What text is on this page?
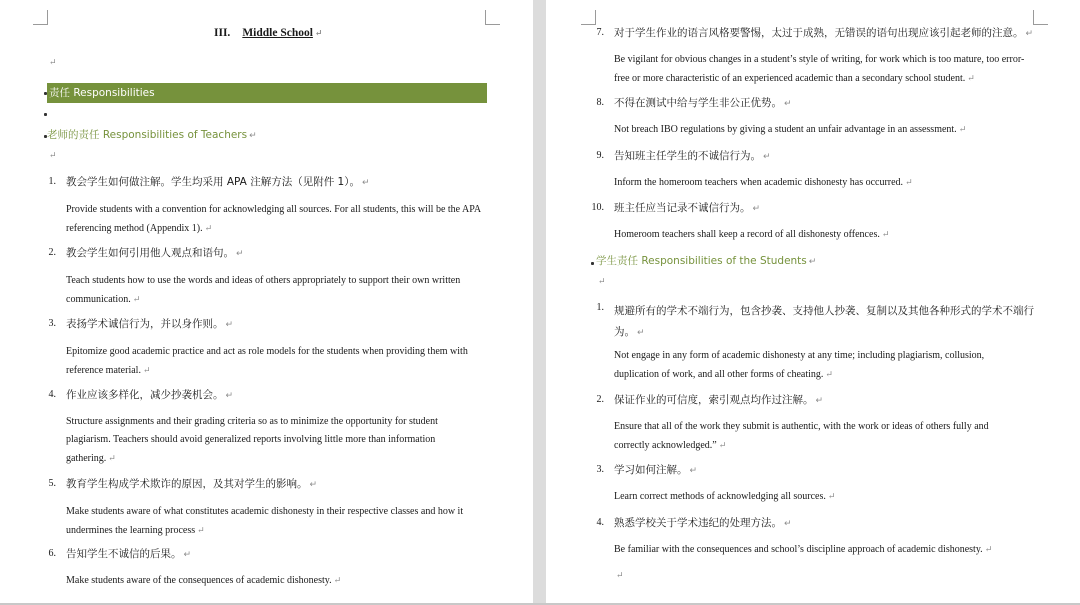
III. Middle School ↵
↵
责任 Responsibilities
老师的责任 Responsibilities of Teachers ↵
↵
1. 教会学生如何做注解。学生均采用 APA 注解方法（见附件 1）。 ↵
Provide students with a convention for acknowledging all sources. For all students, this will be the APA referencing method (Appendix 1). ↵
2. 教会学生如何引用他人观点和语句。 ↵
Teach students how to use the words and ideas of others appropriately to support their own written communication. ↵
3. 表扬学术诚信行为，并以身作则。 ↵
Epitomize good academic practice and act as role models for the students when providing them with reference material. ↵
4. 作业应该多样化，减少抄袭机会。 ↵
Structure assignments and their grading criteria so as to minimize the opportunity for student plagiarism. Teachers should avoid generalized reports involving little more than information gathering. ↵
5. 教育学生构成学术欺诈的原因，及其对学生的影响。 ↵
Make students aware of what constitutes academic dishonesty in their respective classes and how it undermines the learning process ↵
6. 告知学生不诚信的后果。 ↵
Make students aware of the consequences of academic dishonesty. ↵
7. 对于学生作业的语言风格要警惕，太过于成熟，无错误的语句出现应该引起老师的注意。 ↵
Be vigilant for obvious changes in a student’s style of writing, for work which is too mature, too error-free or more characteristic of an experienced academic than a secondary school student. ↵
8. 不得在测试中给与学生非公正优势。 ↵
Not breach IBO regulations by giving a student an unfair advantage in an assessment. ↵
9. 告知班主任学生的不诚信行为。 ↵
Inform the homeroom teachers when academic dishonesty has occurred. ↵
10. 班主任应当记录不诚信行为。 ↵
Homeroom teachers shall keep a record of all dishonesty offences. ↵
学生责任 Responsibilities of the Students ↵
↵
1. 规避所有的学术不端行为，包含抄袭、支持他人抄袭、复制以及其他各种形式的学术不端行为。 ↵
Not engage in any form of academic dishonesty at any time; including plagiarism, collusion, duplication of work, and all other forms of cheating. ↵
2. 保证作业的可信度，索引观点均作过注解。 ↵
Ensure that all of the work they submit is authentic, with the work or ideas of others fully and correctly acknowledged.” ↵
3. 学习如何注解。 ↵
Learn correct methods of acknowledging all sources. ↵
4. 熟悉学校关于学术违纪的处理方法。 ↵
Be familiar with the consequences and school’s discipline approach of academic dishonesty. ↵
↵
